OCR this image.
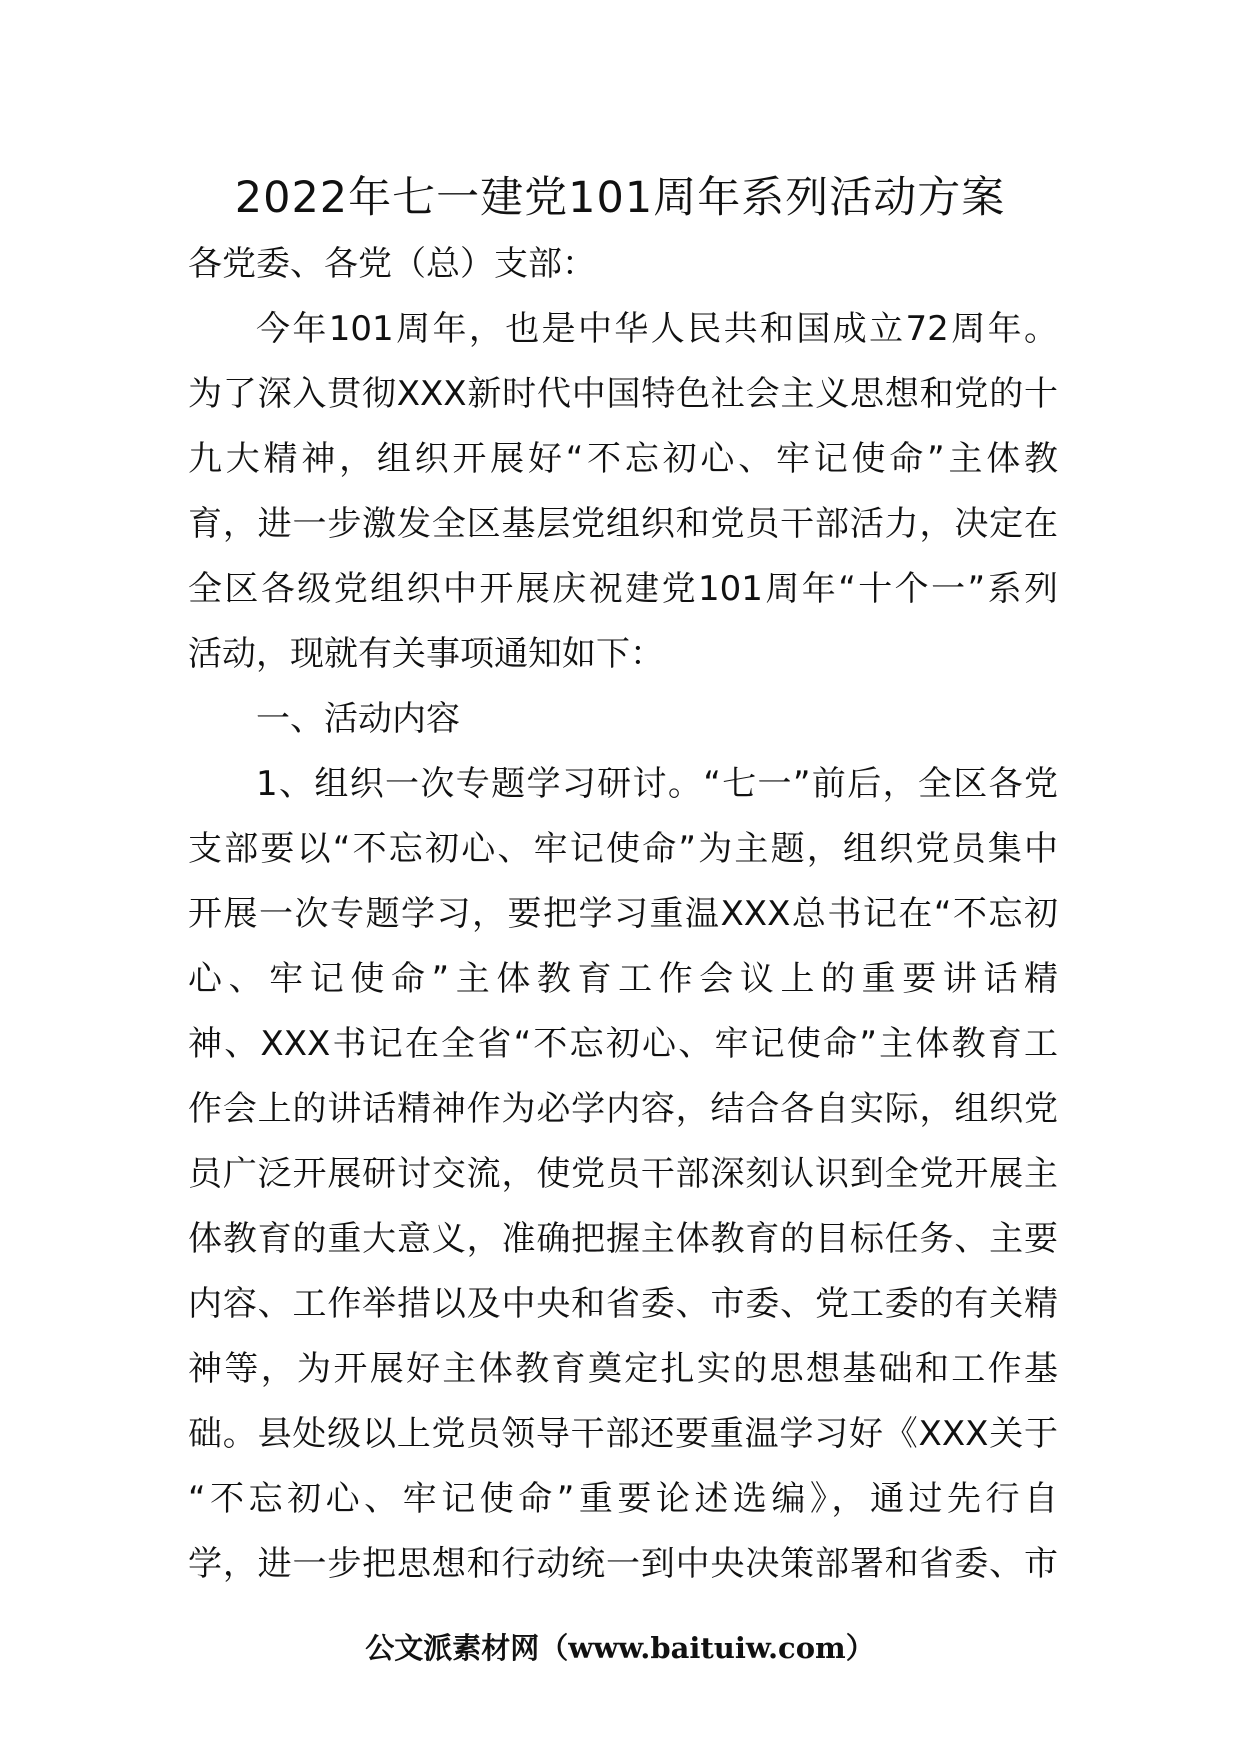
2022年七一建党101周年系列活动方案
各党委、各党（总）支部：
今年101周年，也是中华人民共和国成立72周年。
为了深入贯彻XXX新时代中国特色社会主义思想和党的十
九大精神，组织开展好“不忘初心、牢记使命”主体教
育，进一步激发全区基层党组织和党员干部活力，决定在
全区各级党组织中开展庆祝建党101周年“十个一”系列
活动，现就有关事项通知如下：
一、活动内容
1、组织一次专题学习研讨。“七一”前后，全区各党
支部要以“不忘初心、牢记使命”为主题，组织党员集中
开展一次专题学习，要把学习重温XXX总书记在“不忘初
心、牢记使命”主体教育工作会议上的重要讲话精
神、XXX书记在全省“不忘初心、牢记使命”主体教育工
作会上的讲话精神作为必学内容，结合各自实际，组织党
员广泛开展研讨交流，使党员干部深刻认识到全党开展主
体教育的重大意义，准确把握主体教育的目标任务、主要
内容、工作举措以及中央和省委、市委、党工委的有关精
神等，为开展好主体教育奠定扎实的思想基础和工作基
础。县处级以上党员领导干部还要重温学习好《XXX关于
“不忘初心、牢记使命”重要论述选编》，通过先行自
学，进一步把思想和行动统一到中央决策部署和省委、市
公文派素材网（www.baituiw.com）
